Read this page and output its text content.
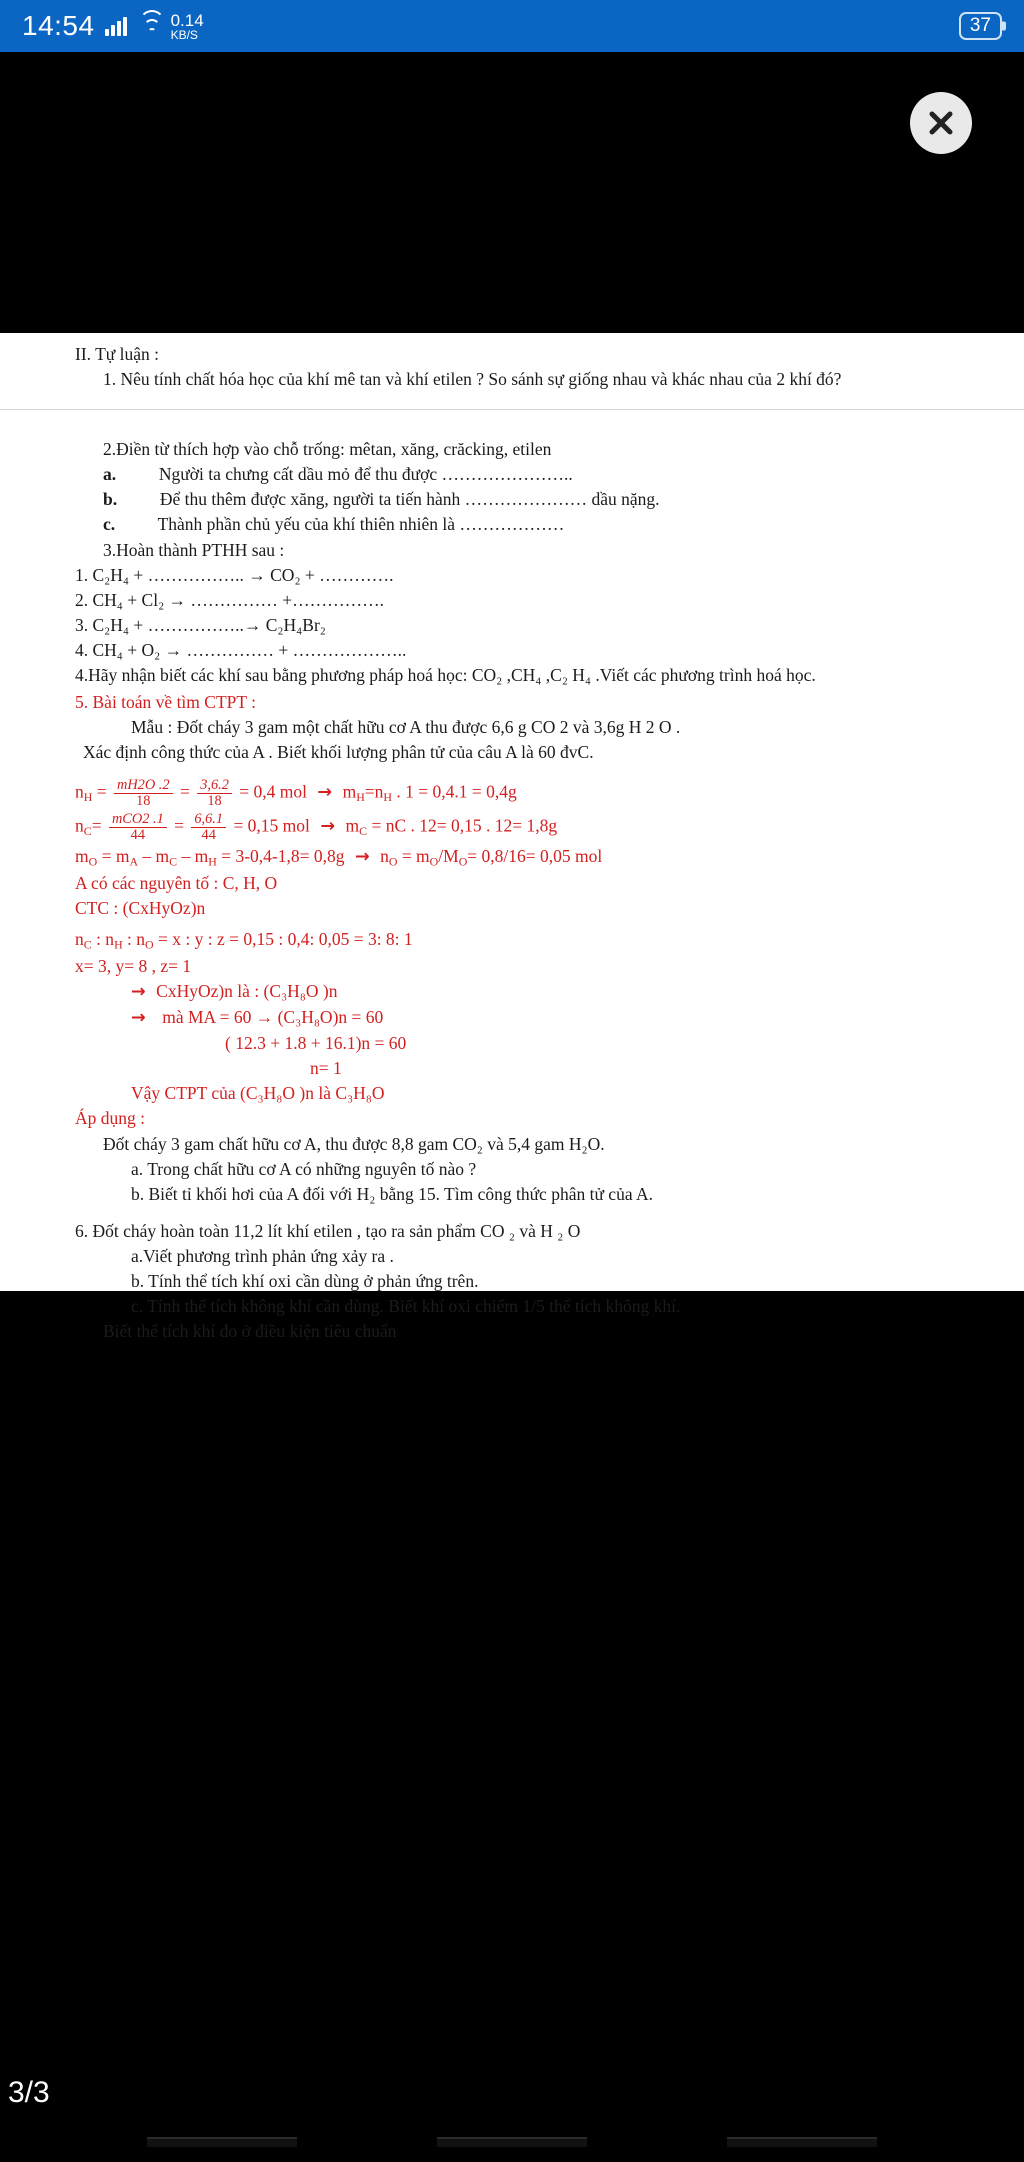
14:54	0.14
KB/S	37
II. Tự luận :
1. Nêu tính chất hóa học của khí mê tan và khí etilen ? So sánh sự giống nhau và khác nhau của 2 khí đó?
2.Điền từ thích hợp vào chỗ trống: mêtan, xăng, crăcking, etilen
a. Người ta chưng cất dầu mỏ để thu được …………………..
b. Để thu thêm được xăng, người ta tiến hành ………………… dầu nặng.
c. Thành phần chủ yếu của khí thiên nhiên là ………………
3.Hoàn thành PTHH sau :
1. C₂H₄ + …………….. → CO₂ + ………….
2. CH₄ + Cl₂ → …………… +…………….
3. C₂H₄ + ……………..→ C₂H₄Br₂
4. CH₄ + O₂ → …………… + ………………..
4.Hãy nhận biết các khí sau bằng phương pháp hoá học: CO₂ ,CH₄ ,C₂ H₄ .Viết các phương trình hoá học.
5. Bài toán về tìm CTPT :
Mẫu : Đốt cháy 3 gam một chất hữu cơ A thu được 6,6 g CO 2 và 3,6g H 2 O .
Xác định công thức của A . Biết khối lượng phân tử của câu A là 60 đvC.
$n_H = \frac{mH2O .2}{18} = \frac{3,6.2}{18} = 0,4$ mol  →  $m_H=n_H$ . 1 = 0,4.1 = 0,4g
$n_C= \frac{\text{mCO2 .1}}{44} = \frac{6,6.1}{44} = 0,15$ mol  →  $m_C$ = nC . 12= 0,15 . 12= 1,8g
$m_O = m_A - m_C - m_H = 3-0,4-1,8= 0,8g \to n_O = m_O/M_O= 0,8/16= 0,05$ mol
A có các nguyên tố : C, H, O
CTC : (CxHyOz)n
$n_C$ : $n_H$ : $n_O = x$ : y : z = 0,15 : 0,4: 0,05 = 3: 8: 1
x= 3, y= 8 , z= 1
→  CxHyOz)n là : (C₃H₈O )n
→   mà MA = 60 → (C₃H₈O)n = 60
( 12.3 + 1.8 + 16.1)n = 60
n= 1
Vậy CTPT của (C₃H₈O )n là C₃H₈O
Áp dụng :
Đốt cháy 3 gam chất hữu cơ A, thu được 8,8 gam CO₂ và 5,4 gam H₂O.
a. Trong chất hữu cơ A có những nguyên tố nào ?
b. Biết tỉ khối hơi của A đối với H₂ bằng 15. Tìm công thức phân tử của A.
6. Đốt cháy hoàn toàn 11,2 lít khí etilen , tạo ra sản phẩm CO ₂ và H ₂ O
a.Viết phương trình phản ứng xảy ra .
b. Tính thể tích khí oxi cần dùng ở phản ứng trên.
c. Tính thể tích không khí cần dùng. Biết khí oxi chiếm 1/5 thể tích không khí.
Biết thể tích khí đo ở điều kiện tiêu chuẩn
3/3
